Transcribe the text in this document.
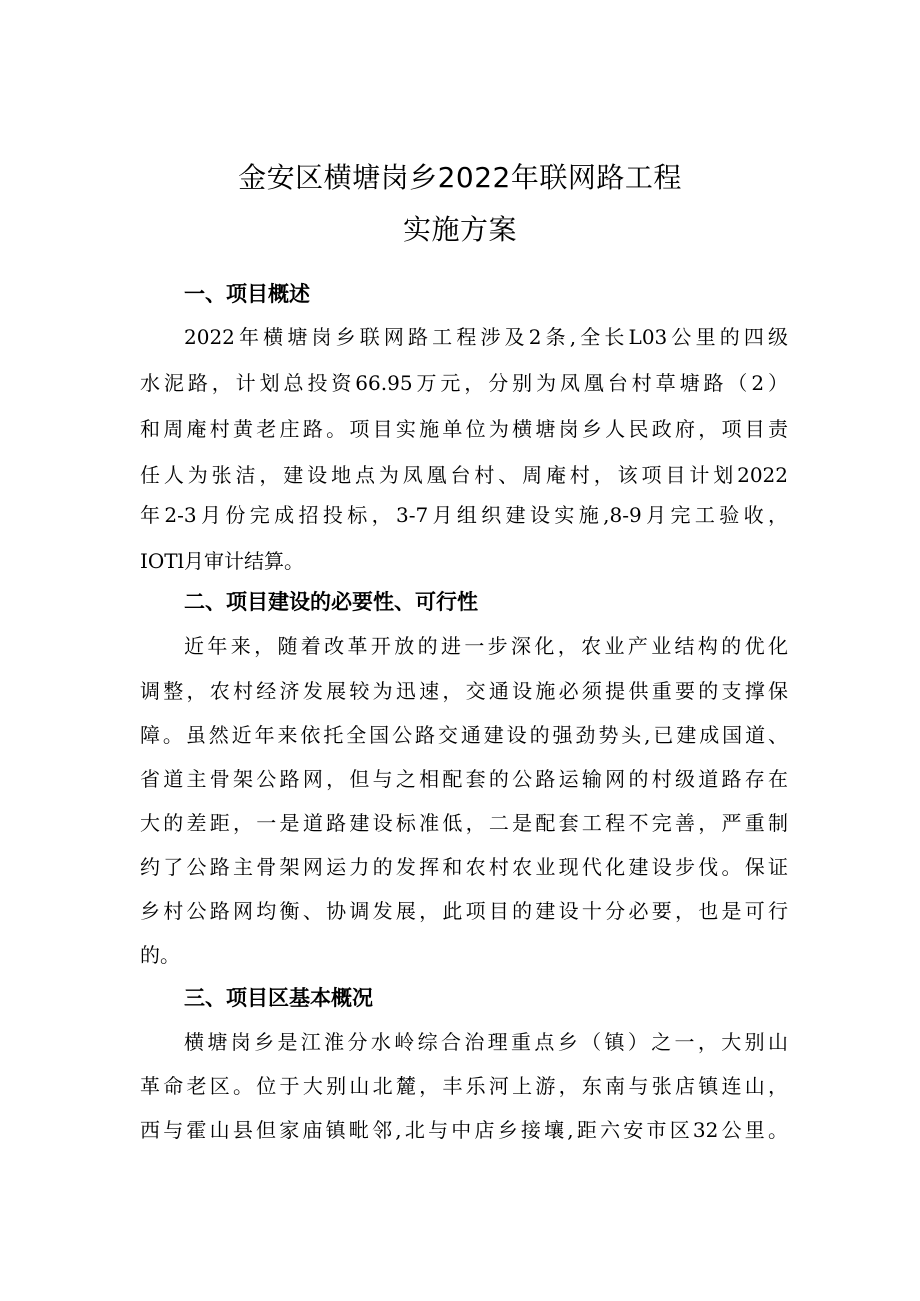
金安区横塘岗乡2022年联网路工程
实施方案
一、项目概述
2022年横塘岗乡联网路工程涉及2条,全长L03公里的四级
水泥路，计划总投资66.95万元，分别为凤凰台村草塘路（2）
和周庵村黄老庄路。项目实施单位为横塘岗乡人民政府，项目责
任人为张洁，建设地点为凤凰台村、周庵村，该项目计划2022
年2-3月份完成招投标，3-7月组织建设实施,8-9月完工验收，
IOTl月审计结算。
二、项目建设的必要性、可行性
近年来，随着改革开放的进一步深化，农业产业结构的优化
调整，农村经济发展较为迅速，交通设施必须提供重要的支撑保
障。虽然近年来依托全国公路交通建设的强劲势头,已建成国道、
省道主骨架公路网，但与之相配套的公路运输网的村级道路存在
大的差距，一是道路建设标准低，二是配套工程不完善，严重制
约了公路主骨架网运力的发挥和农村农业现代化建设步伐。保证
乡村公路网均衡、协调发展，此项目的建设十分必要，也是可行
的。
三、项目区基本概况
横塘岗乡是江淮分水岭综合治理重点乡（镇）之一，大别山
革命老区。位于大别山北麓，丰乐河上游，东南与张店镇连山，
西与霍山县但家庙镇毗邻,北与中店乡接壤,距六安市区32公里。
